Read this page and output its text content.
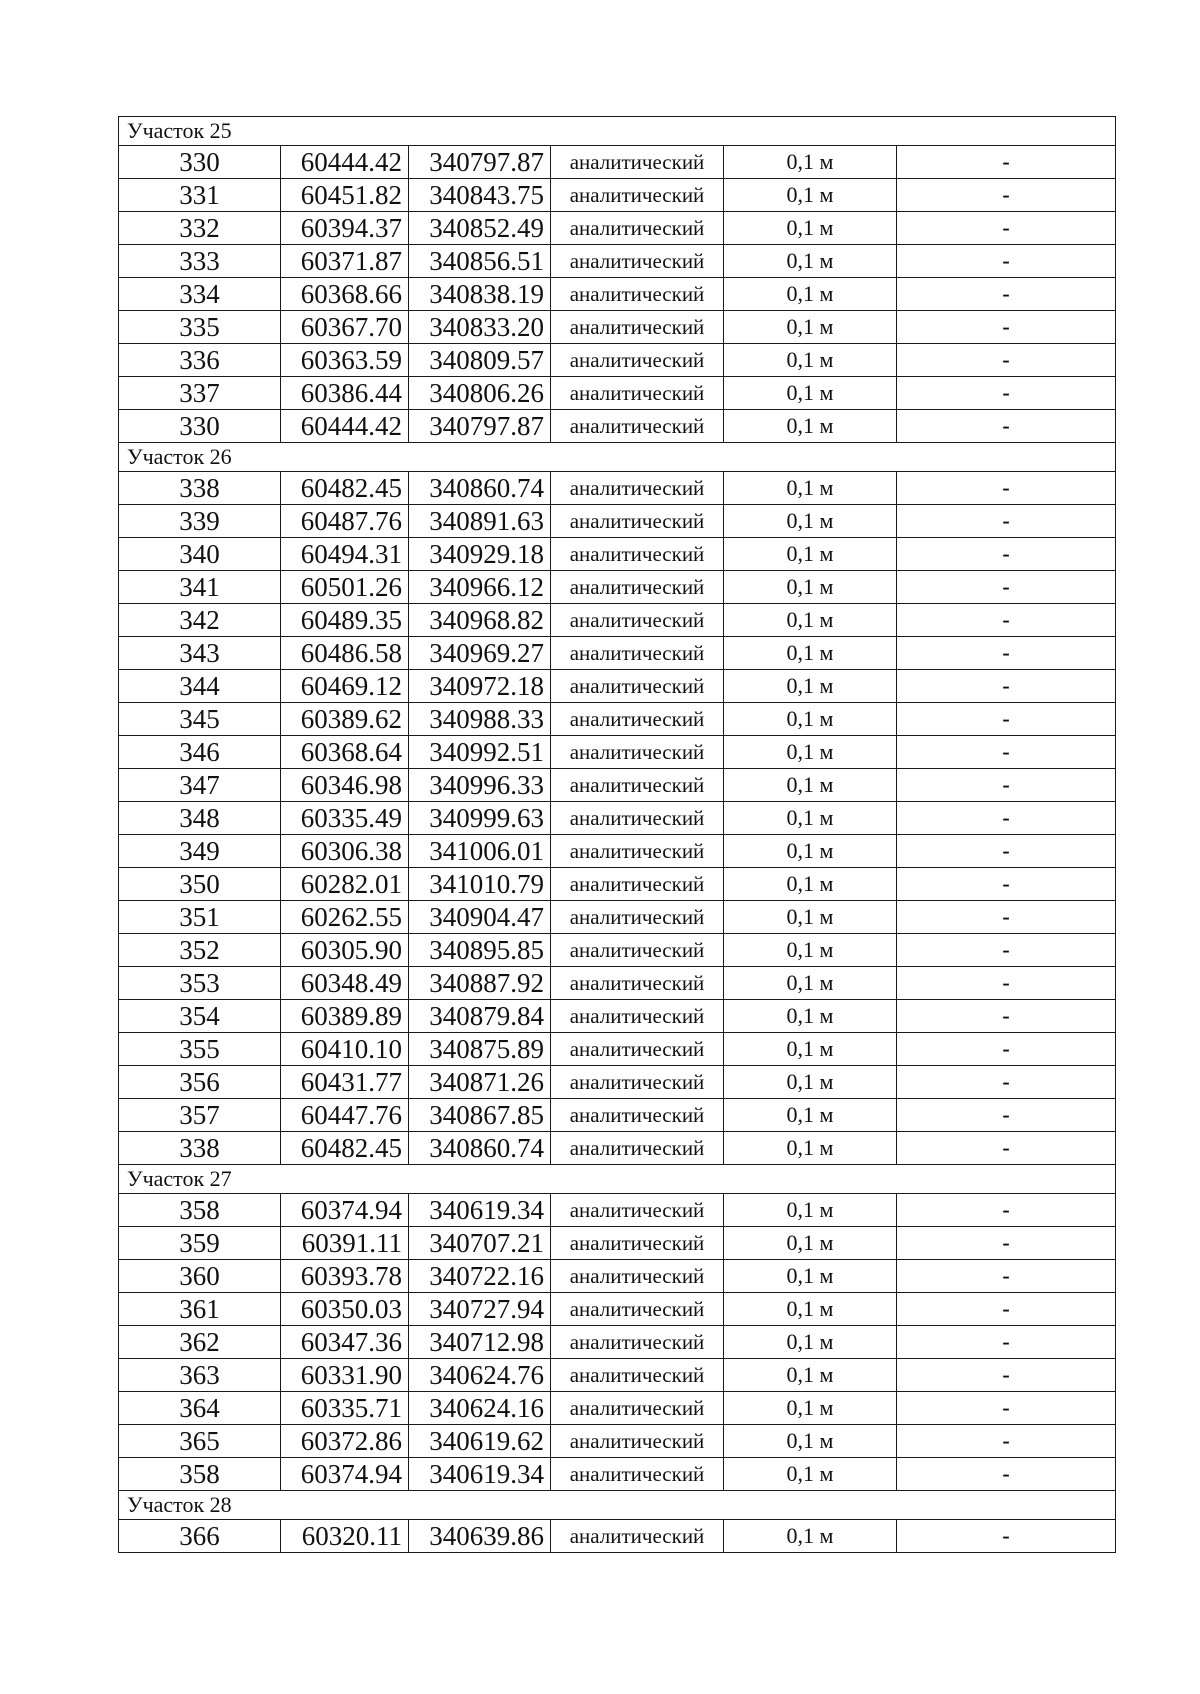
Участок 25					
330	60444.42	340797.87	аналитический	0,1 м	-
331	60451.82	340843.75	аналитический	0,1 м	-
332	60394.37	340852.49	аналитический	0,1 м	-
333	60371.87	340856.51	аналитический	0,1 м	-
334	60368.66	340838.19	аналитический	0,1 м	-
335	60367.70	340833.20	аналитический	0,1 м	-
336	60363.59	340809.57	аналитический	0,1 м	-
337	60386.44	340806.26	аналитический	0,1 м	-
330	60444.42	340797.87	аналитический	0,1 м	-
Участок 26					
338	60482.45	340860.74	аналитический	0,1 м	-
339	60487.76	340891.63	аналитический	0,1 м	-
340	60494.31	340929.18	аналитический	0,1 м	-
341	60501.26	340966.12	аналитический	0,1 м	-
342	60489.35	340968.82	аналитический	0,1 м	-
343	60486.58	340969.27	аналитический	0,1 м	-
344	60469.12	340972.18	аналитический	0,1 м	-
345	60389.62	340988.33	аналитический	0,1 м	-
346	60368.64	340992.51	аналитический	0,1 м	-
347	60346.98	340996.33	аналитический	0,1 м	-
348	60335.49	340999.63	аналитический	0,1 м	-
349	60306.38	341006.01	аналитический	0,1 м	-
350	60282.01	341010.79	аналитический	0,1 м	-
351	60262.55	340904.47	аналитический	0,1 м	-
352	60305.90	340895.85	аналитический	0,1 м	-
353	60348.49	340887.92	аналитический	0,1 м	-
354	60389.89	340879.84	аналитический	0,1 м	-
355	60410.10	340875.89	аналитический	0,1 м	-
356	60431.77	340871.26	аналитический	0,1 м	-
357	60447.76	340867.85	аналитический	0,1 м	-
338	60482.45	340860.74	аналитический	0,1 м	-
Участок 27					
358	60374.94	340619.34	аналитический	0,1 м	-
359	60391.11	340707.21	аналитический	0,1 м	-
360	60393.78	340722.16	аналитический	0,1 м	-
361	60350.03	340727.94	аналитический	0,1 м	-
362	60347.36	340712.98	аналитический	0,1 м	-
363	60331.90	340624.76	аналитический	0,1 м	-
364	60335.71	340624.16	аналитический	0,1 м	-
365	60372.86	340619.62	аналитический	0,1 м	-
358	60374.94	340619.34	аналитический	0,1 м	-
Участок 28					
366	60320.11	340639.86	аналитический	0,1 м	-
